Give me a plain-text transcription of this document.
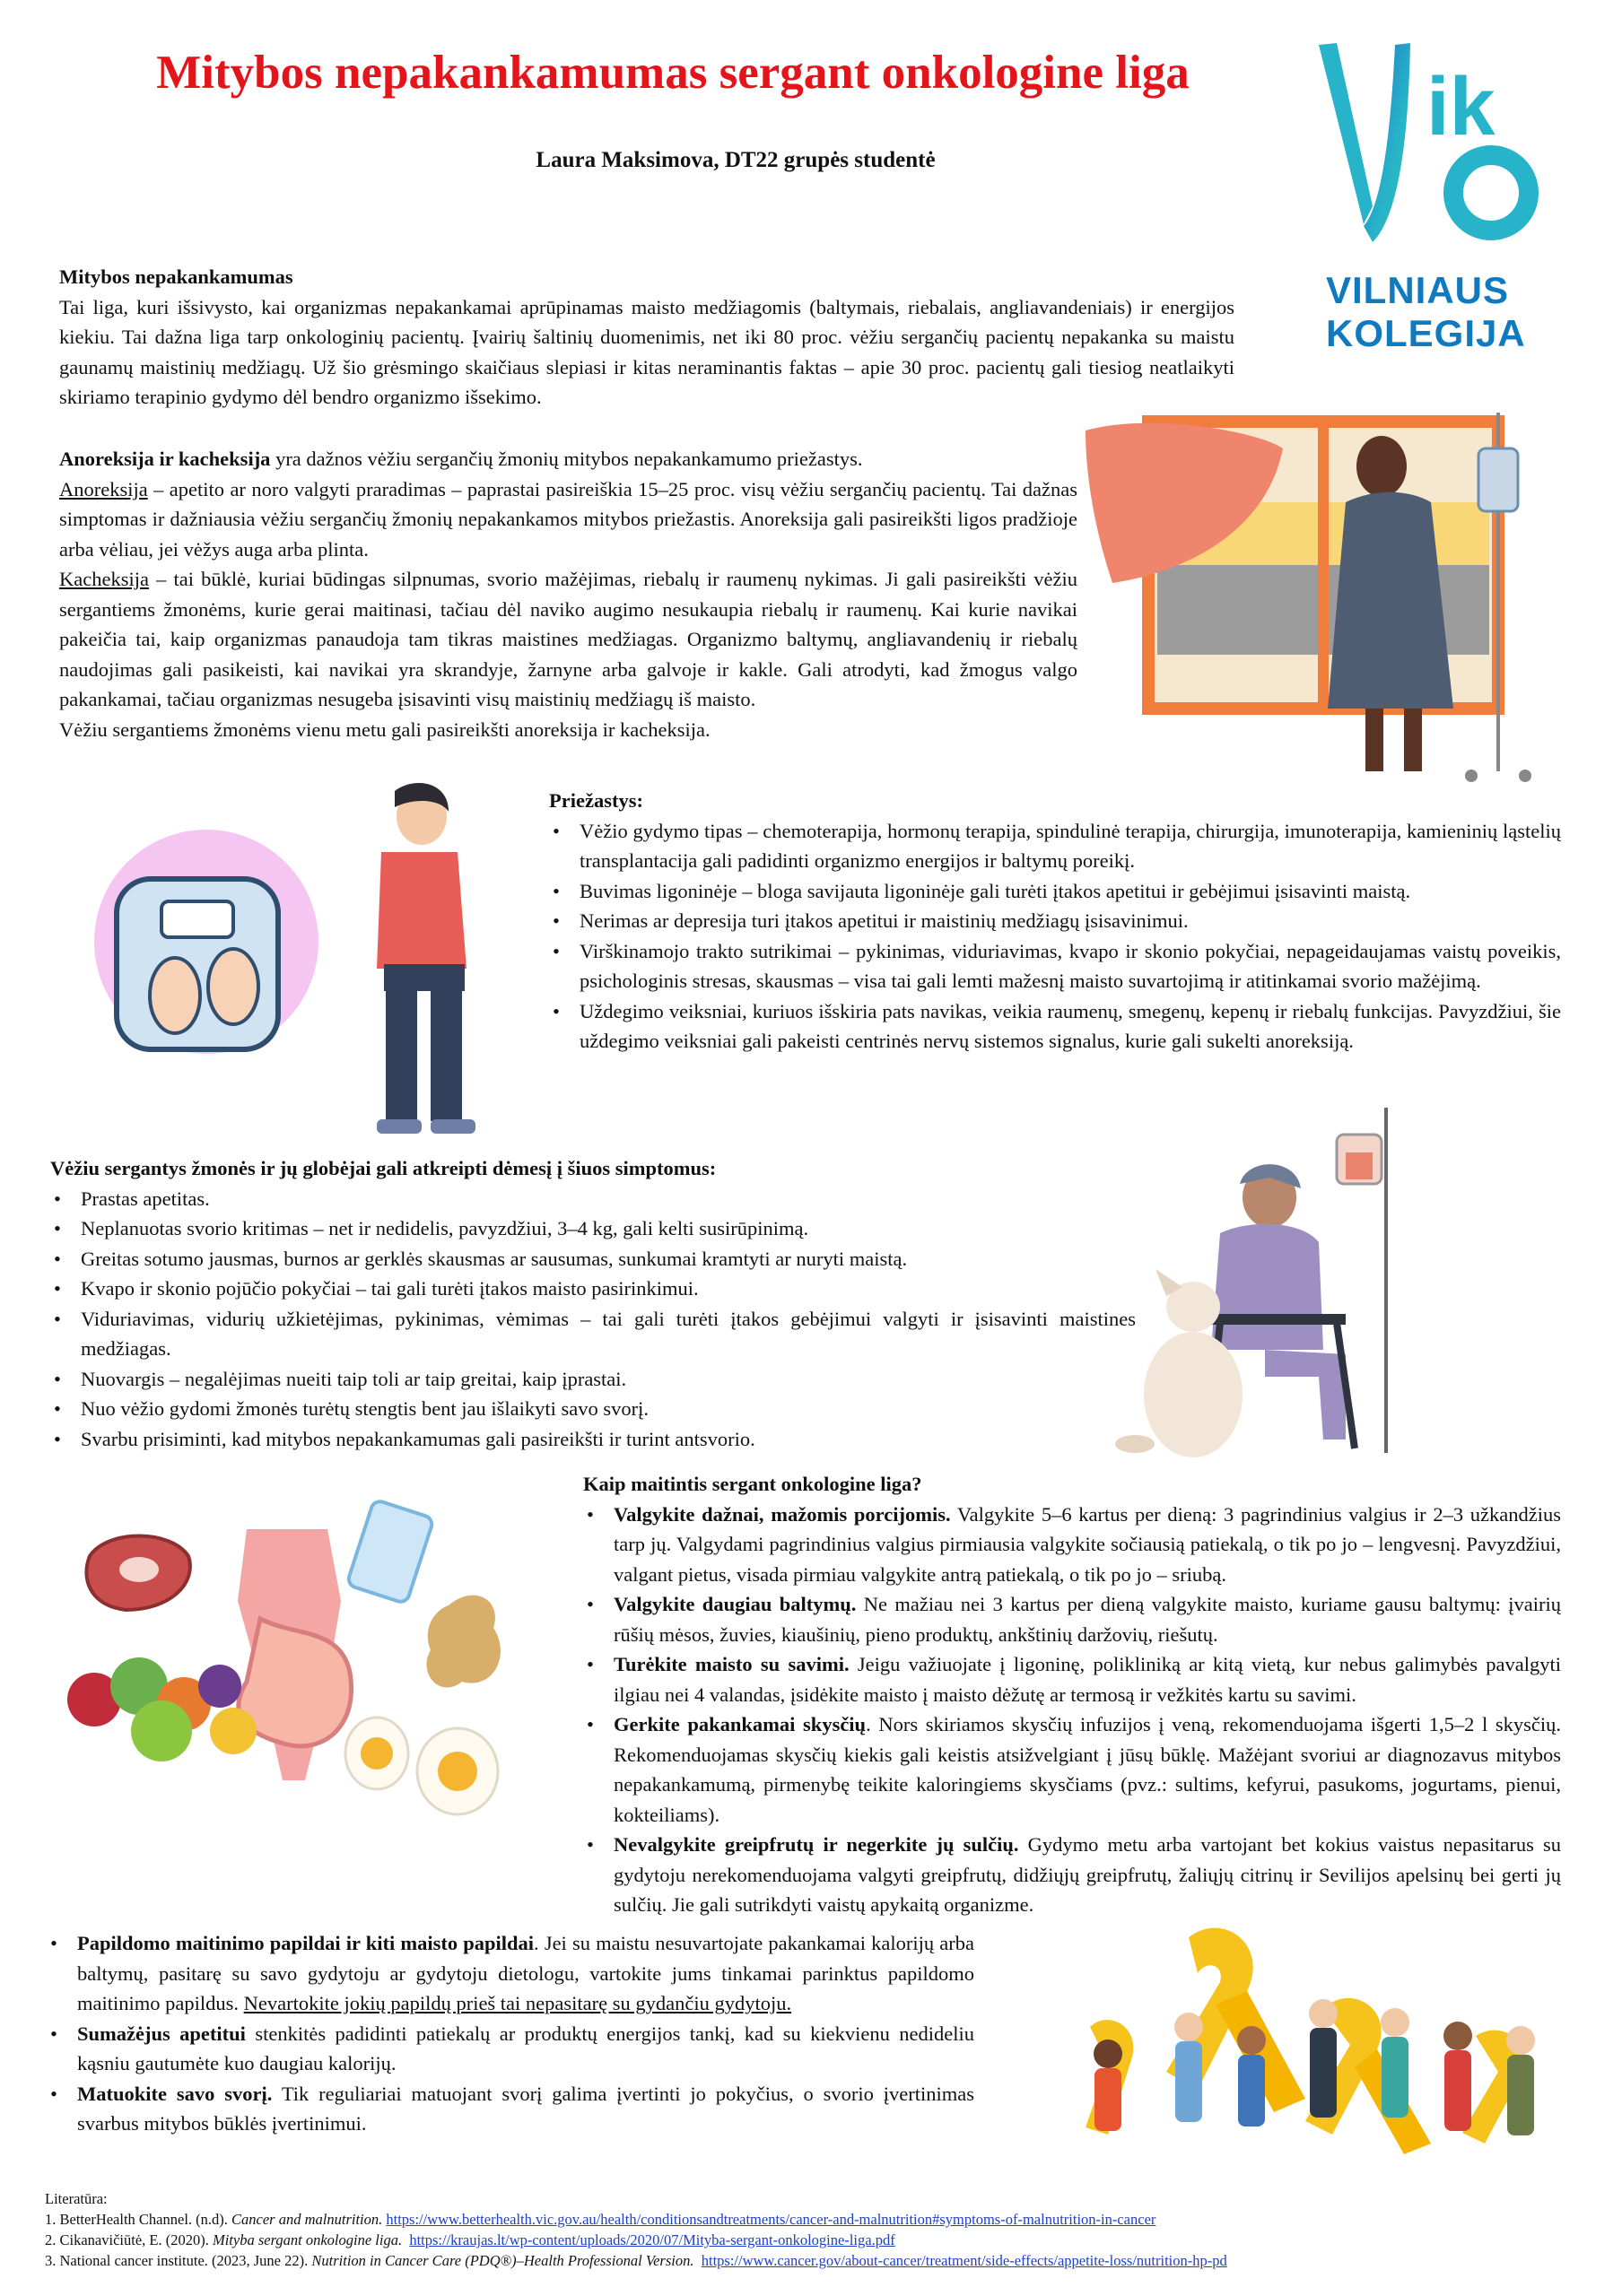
Mitybos nepakankamumas sergant onkologine liga
Laura Maksimova, DT22 grupės studentė
ik
VILNIAUS
KOLEGIJA

Mitybos nepakankamumas

Tai liga, kuri išsivysto, kai organizmas nepakankamai aprūpinamas maisto medžiagomis (baltymais, riebalais, angliavandeniais) ir energijos kiekiu. Tai dažna liga tarp onkologinių pacientų. Įvairių šaltinių duomenimis, net iki 80 proc. vėžiu sergančių pacientų nepakanka su maistu gaunamų maistinių medžiagų. Už šio grėsmingo skaičiaus slepiasi ir kitas neraminantis faktas – apie 30 proc. pacientų gali tiesiog neatlaikyti skiriamo terapinio gydymo dėl bendro organizmo išsekimo.

Anoreksija ir kacheksija yra dažnos vėžiu sergančių žmonių mitybos nepakankamumo priežastys.

Anoreksija – apetito ar noro valgyti praradimas – paprastai pasireiškia 15–25 proc. visų vėžiu sergančių pacientų. Tai dažnas simptomas ir dažniausia vėžiu sergančių žmonių nepakankamos mitybos priežastis. Anoreksija gali pasireikšti ligos pradžioje arba vėliau, jei vėžys auga arba plinta.

Kacheksija – tai būklė, kuriai būdingas silpnumas, svorio mažėjimas, riebalų ir raumenų nykimas. Ji gali pasireikšti vėžiu sergantiems žmonėms, kurie gerai maitinasi, tačiau dėl naviko augimo nesukaupia riebalų ir raumenų. Kai kurie navikai pakeičia tai, kaip organizmas panaudoja tam tikras maistines medžiagas. Organizmo baltymų, angliavandenių ir riebalų naudojimas gali pasikeisti, kai navikai yra skrandyje, žarnyne arba galvoje ir kakle. Gali atrodyti, kad žmogus valgo pakankamai, tačiau organizmas nesugeba įsisavinti visų maistinių medžiagų iš maisto.

Vėžiu sergantiems žmonėms vienu metu gali pasireikšti anoreksija ir kacheksija.

Priežastys:

• Vėžio gydymo tipas – chemoterapija, hormonų terapija, spindulinė terapija, chirurgija, imunoterapija, kamieninių ląstelių transplantacija gali padidinti organizmo energijos ir baltymų poreikį.
• Buvimas ligoninėje – bloga savijauta ligoninėje gali turėti įtakos apetitui ir gebėjimui įsisavinti maistą.
• Nerimas ar depresija turi įtakos apetitui ir maistinių medžiagų įsisavinimui.
• Virškinamojo trakto sutrikimai – pykinimas, viduriavimas, kvapo ir skonio pokyčiai, nepageidaujamas vaistų poveikis, psichologinis stresas, skausmas – visa tai gali lemti mažesnį maisto suvartojimą ir atitinkamai svorio mažėjimą.
• Uždegimo veiksniai, kuriuos išskiria pats navikas, veikia raumenų, smegenų, kepenų ir riebalų funkcijas. Pavyzdžiui, šie uždegimo veiksniai gali pakeisti centrinės nervų sistemos signalus, kurie gali sukelti anoreksiją.

Vėžiu sergantys žmonės ir jų globėjai gali atkreipti dėmesį į šiuos simptomus:

• Prastas apetitas.
• Neplanuotas svorio kritimas – net ir nedidelis, pavyzdžiui, 3–4 kg, gali kelti susirūpinimą.
• Greitas sotumo jausmas, burnos ar gerklės skausmas ar sausumas, sunkumai kramtyti ar nuryti maistą.
• Kvapo ir skonio pojūčio pokyčiai – tai gali turėti įtakos maisto pasirinkimui.
• Viduriavimas, vidurių užkietėjimas, pykinimas, vėmimas – tai gali turėti įtakos gebėjimui valgyti ir įsisavinti maistines medžiagas.
• Nuovargis – negalėjimas nueiti taip toli ar taip greitai, kaip įprastai.
• Nuo vėžio gydomi žmonės turėtų stengtis bent jau išlaikyti savo svorį.
• Svarbu prisiminti, kad mitybos nepakankamumas gali pasireikšti ir turint antsvorio.

Kaip maitintis sergant onkologine liga?

• Valgykite dažnai, mažomis porcijomis. Valgykite 5–6 kartus per dieną: 3 pagrindinius valgius ir 2–3 užkandžius tarp jų. Valgydami pagrindinius valgius pirmiausia valgykite sočiausią patiekalą, o tik po jo – lengvesnį. Pavyzdžiui, valgant pietus, visada pirmiau valgykite antrą patiekalą, o tik po jo – sriubą.
• Valgykite daugiau baltymų. Ne mažiau nei 3 kartus per dieną valgykite maisto, kuriame gausu baltymų: įvairių rūšių mėsos, žuvies, kiaušinių, pieno produktų, ankštinių daržovių, riešutų.
• Turėkite maisto su savimi. Jeigu važiuojate į ligoninę, polikliniką ar kitą vietą, kur nebus galimybės pavalgyti ilgiau nei 4 valandas, įsidėkite maisto į maisto dėžutę ar termosą ir vežkitės kartu su savimi.
• Gerkite pakankamai skysčių. Nors skiriamos skysčių infuzijos į veną, rekomenduojama išgerti 1,5–2 l skysčių. Rekomenduojamas skysčių kiekis gali keistis atsižvelgiant į jūsų būklę. Mažėjant svoriui ar diagnozavus mitybos nepakankamumą, pirmenybę teikite kaloringiems skysčiams (pvz.: sultims, kefyrui, pasukoms, jogurtams, pienui, kokteiliams).
• Nevalgykite greipfrutų ir negerkite jų sulčių. Gydymo metu arba vartojant bet kokius vaistus nepasitarus su gydytoju nerekomenduojama valgyti greipfrutų, didžiųjų greipfrutų, žaliųjų citrinų ir Sevilijos apelsinų bei gerti jų sulčių. Jie gali sutrikdyti vaistų apykaitą organizme.
• Papildomo maitinimo papildai ir kiti maisto papildai. Jei su maistu nesuvartojate pakankamai kalorijų arba baltymų, pasitarę su savo gydytoju ar gydytoju dietologu, vartokite jums tinkamai parinktus papildomo maitinimo papildus. Nevartokite jokių papildų prieš tai nepasitarę su gydančiu gydytoju.
• Sumažėjus apetitui stenkitės padidinti patiekalų ar produktų energijos tankį, kad su kiekvienu nedideliu kąsniu gautumėte kuo daugiau kalorijų.
• Matuokite savo svorį. Tik reguliariai matuojant svorį galima įvertinti jo pokyčius, o svorio įvertinimas svarbus mitybos būklės įvertinimui.
Literatūra:
1. BetterHealth Channel. (n.d). Cancer and malnutrition. https://www.betterhealth.vic.gov.au/health/conditionsandtreatments/cancer-and-malnutrition#symptoms-of-malnutrition-in-cancer
2. Cikanavičiūtė, E. (2020). Mityba sergant onkologine liga. https://kraujas.lt/wp-content/uploads/2020/07/Mityba-sergant-onkologine-liga.pdf
3. National cancer institute. (2023, June 22). Nutrition in Cancer Care (PDQ®)–Health Professional Version. https://www.cancer.gov/about-cancer/treatment/side-effects/appetite-loss/nutrition-hp-pd
